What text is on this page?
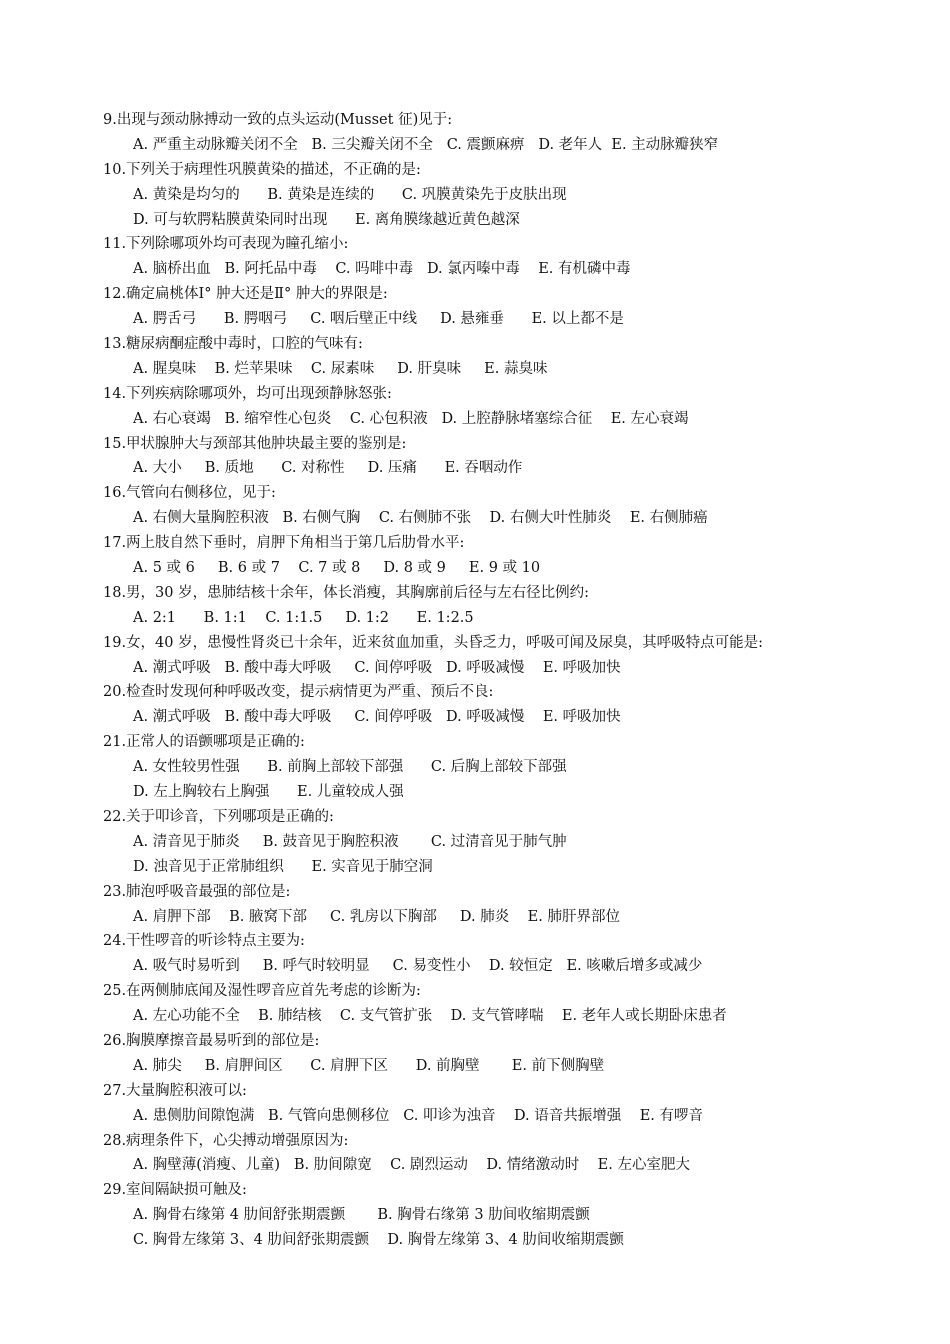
9.出现与颈动脉搏动一致的点头运动(Musset 征)见于:
A. 严重主动脉瓣关闭不全   B. 三尖瓣关闭不全   C. 震颤麻痹   D. 老年人  E. 主动脉瓣狭窄
10.下列关于病理性巩膜黄染的描述，不正确的是:
A. 黄染是均匀的      B. 黄染是连续的      C. 巩膜黄染先于皮肤出现
D. 可与软腭粘膜黄染同时出现      E. 离角膜缘越近黄色越深
11.下列除哪项外均可表现为瞳孔缩小:
A. 脑桥出血   B. 阿托品中毒    C. 吗啡中毒   D. 氯丙嗪中毒    E. 有机磷中毒
12.确定扁桃体Ⅰ° 肿大还是Ⅱ° 肿大的界限是:
A. 腭舌弓      B. 腭咽弓     C. 咽后壁正中线     D. 悬雍垂      E. 以上都不是
13.糖尿病酮症酸中毒时，口腔的气味有:
A. 腥臭味    B. 烂苹果味    C. 尿素味     D. 肝臭味     E. 蒜臭味
14.下列疾病除哪项外，均可出现颈静脉怒张:
A. 右心衰竭   B. 缩窄性心包炎    C. 心包积液   D. 上腔静脉堵塞综合征    E. 左心衰竭
15.甲状腺肿大与颈部其他肿块最主要的鉴别是:
A. 大小     B. 质地      C. 对称性     D. 压痛      E. 吞咽动作
16.气管向右侧移位，见于:
A. 右侧大量胸腔积液   B. 右侧气胸    C. 右侧肺不张    D. 右侧大叶性肺炎    E. 右侧肺癌
17.两上肢自然下垂时，肩胛下角相当于第几后肋骨水平:
A. 5 或 6     B. 6 或 7    C. 7 或 8     D. 8 或 9     E. 9 或 10
18.男，30 岁，患肺结核十余年，体长消瘦，其胸廓前后径与左右径比例约:
A. 2:1      B. 1:1    C. 1:1.5     D. 1:2      E. 1:2.5
19.女，40 岁，患慢性肾炎已十余年，近来贫血加重，头昏乏力，呼吸可闻及尿臭，其呼吸特点可能是:
A. 潮式呼吸   B. 酸中毒大呼吸     C. 间停呼吸   D. 呼吸减慢    E. 呼吸加快
20.检查时发现何种呼吸改变，提示病情更为严重、预后不良:
A. 潮式呼吸   B. 酸中毒大呼吸     C. 间停呼吸   D. 呼吸减慢    E. 呼吸加快
21.正常人的语颤哪项是正确的:
A. 女性较男性强      B. 前胸上部较下部强      C. 后胸上部较下部强
D. 左上胸较右上胸强      E. 儿童较成人强
22.关于叩诊音，下列哪项是正确的:
A. 清音见于肺炎     B. 鼓音见于胸腔积液       C. 过清音见于肺气肿
D. 浊音见于正常肺组织      E. 实音见于肺空洞
23.肺泡呼吸音最强的部位是:
A. 肩胛下部    B. 腋窝下部     C. 乳房以下胸部     D. 肺炎    E. 肺肝界部位
24.干性啰音的听诊特点主要为:
A. 吸气时易听到     B. 呼气时较明显     C. 易变性小    D. 较恒定   E. 咳嗽后增多或减少
25.在两侧肺底闻及湿性啰音应首先考虑的诊断为:
A. 左心功能不全    B. 肺结核    C. 支气管扩张    D. 支气管哮喘    E. 老年人或长期卧床患者
26.胸膜摩擦音最易听到的部位是:
A. 肺尖     B. 肩胛间区      C. 肩胛下区      D. 前胸壁       E. 前下侧胸壁
27.大量胸腔积液可以:
A. 患侧肋间隙饱满   B. 气管向患侧移位   C. 叩诊为浊音    D. 语音共振增强    E. 有啰音
28.病理条件下，心尖搏动增强原因为:
A. 胸壁薄(消瘦、儿童)   B. 肋间隙宽    C. 剧烈运动    D. 情绪激动时    E. 左心室肥大
29.室间隔缺损可触及:
A. 胸骨右缘第 4 肋间舒张期震颤       B. 胸骨右缘第 3 肋间收缩期震颤
C. 胸骨左缘第 3、4 肋间舒张期震颤    D. 胸骨左缘第 3、4 肋间收缩期震颤
